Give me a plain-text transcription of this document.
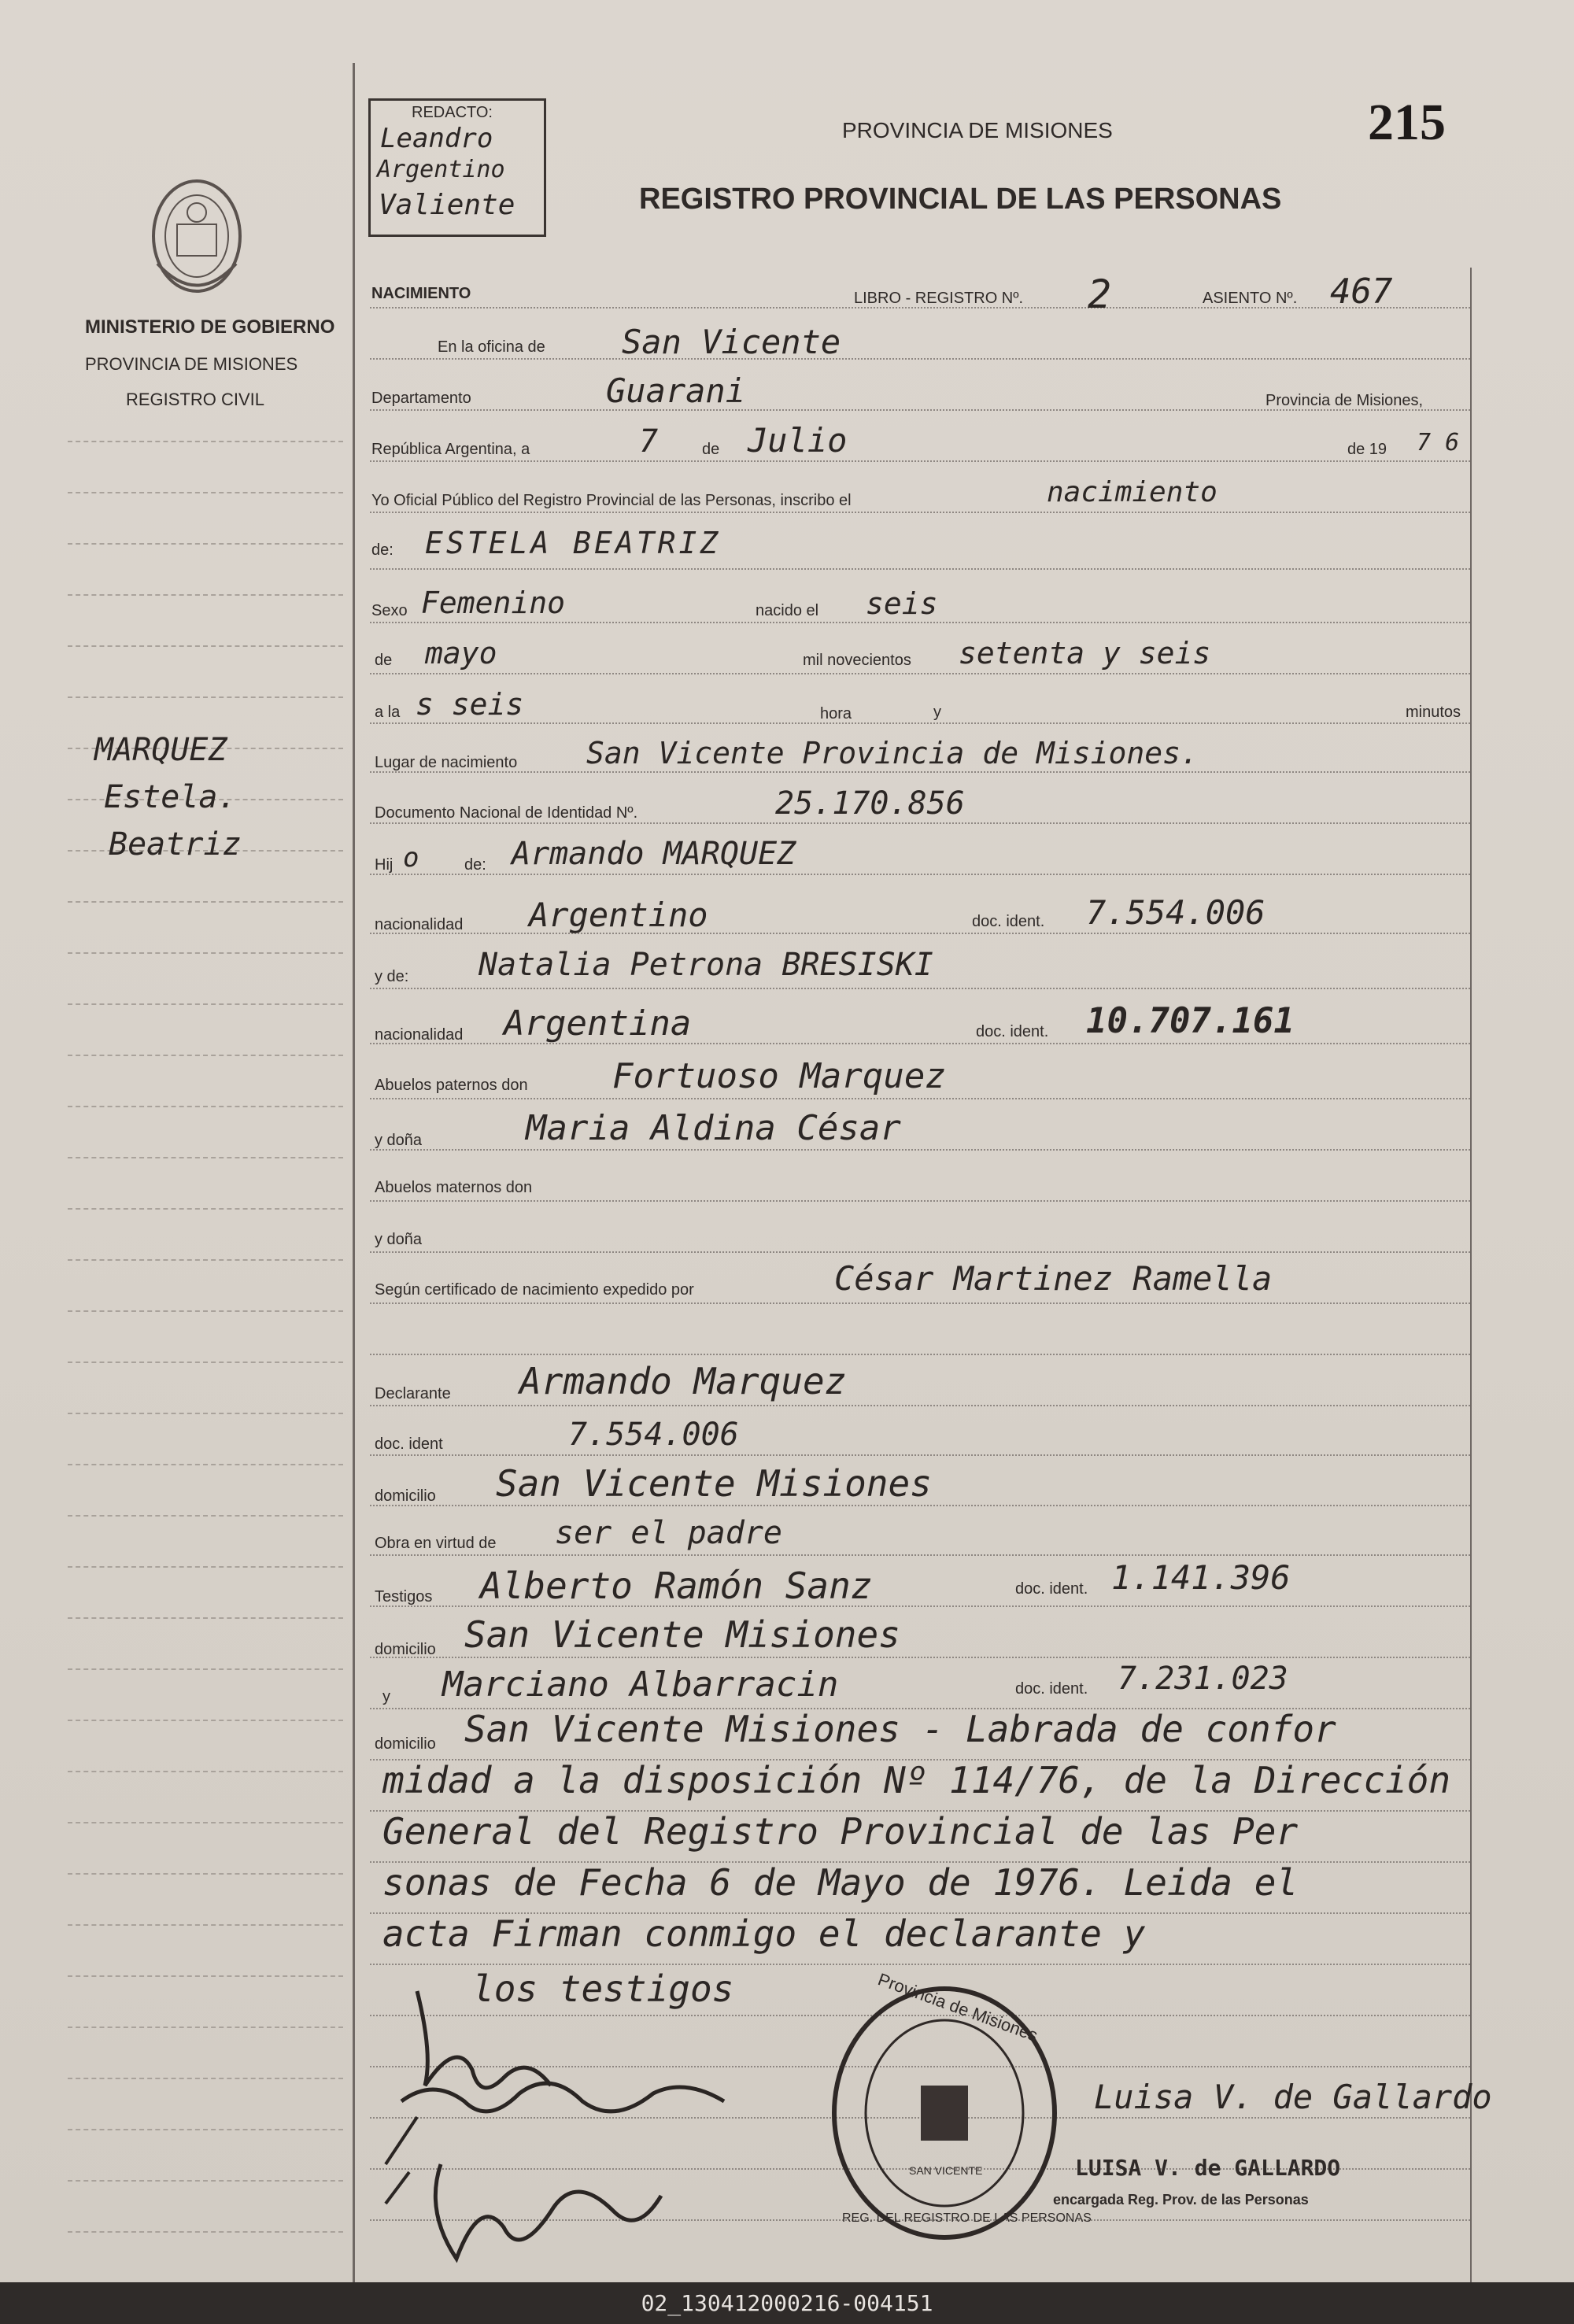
REDACTO:
Leandro
Argentino
Valiente
PROVINCIA DE MISIONES
REGISTRO PROVINCIAL DE LAS PERSONAS
215
MINISTERIO DE GOBIERNO
PROVINCIA DE MISIONES
REGISTRO CIVIL
MARQUEZ
Estela.
Beatriz
NACIMIENTO	LIBRO - REGISTRO Nº. 2	ASIENTO Nº. 467
En la oficina de San Vicente
Departamento	Guarani	Provincia de Misiones,
República Argentina, a	7	de Julio	de 19 7 6
Yo Oficial Público del Registro Provincial de las Personas, inscribo el	nacimiento
de: ESTELA BEATRIZ
Sexo Femenino	nacido el seis
de mayo	mil novecientos setenta y seis
a la s seis	hora	y	minutos
Lugar de nacimiento San Vicente Provincia de Misiones.
Documento Nacional de Identidad Nº.	25.170.856
Hij o	de: Armando MARQUEZ
nacionalidad Argentino	doc. ident. 7.554.006
y de: Natalia Petrona BRESISKI
nacionalidad Argentina	doc. ident. 10.707.161
Abuelos paternos don Fortuoso Marquez
y doña	Maria Aldina César
Abuelos maternos don
y doña
Según certificado de nacimiento expedido por	César Martinez Ramella
Declarante Armando Marquez
doc. ident	7.554.006
domicilio San Vicente Misiones
Obra en virtud de ser el padre
Testigos Alberto Ramón Sanz	doc. ident. 1.141.396
domicilio San Vicente Misiones
y Marciano Albarracin	doc. ident. 7.231.023
domicilio San Vicente Misiones - Labrada de confor
midad a la disposición Nº 114/76, de la Dirección
General del Registro Provincial de las Per
sonas de Fecha 6 de Mayo de 1976. Leida el
acta Firman conmigo el declarante y
los testigos	Provincia de Misiones
SAN VICENTE
REG. DEL REGISTRO DE LAS PERSONAS
Luisa V. de Gallardo
LUISA V. de GALLARDO
encargada Reg. Prov. de las Personas
02_130412000216-004151
